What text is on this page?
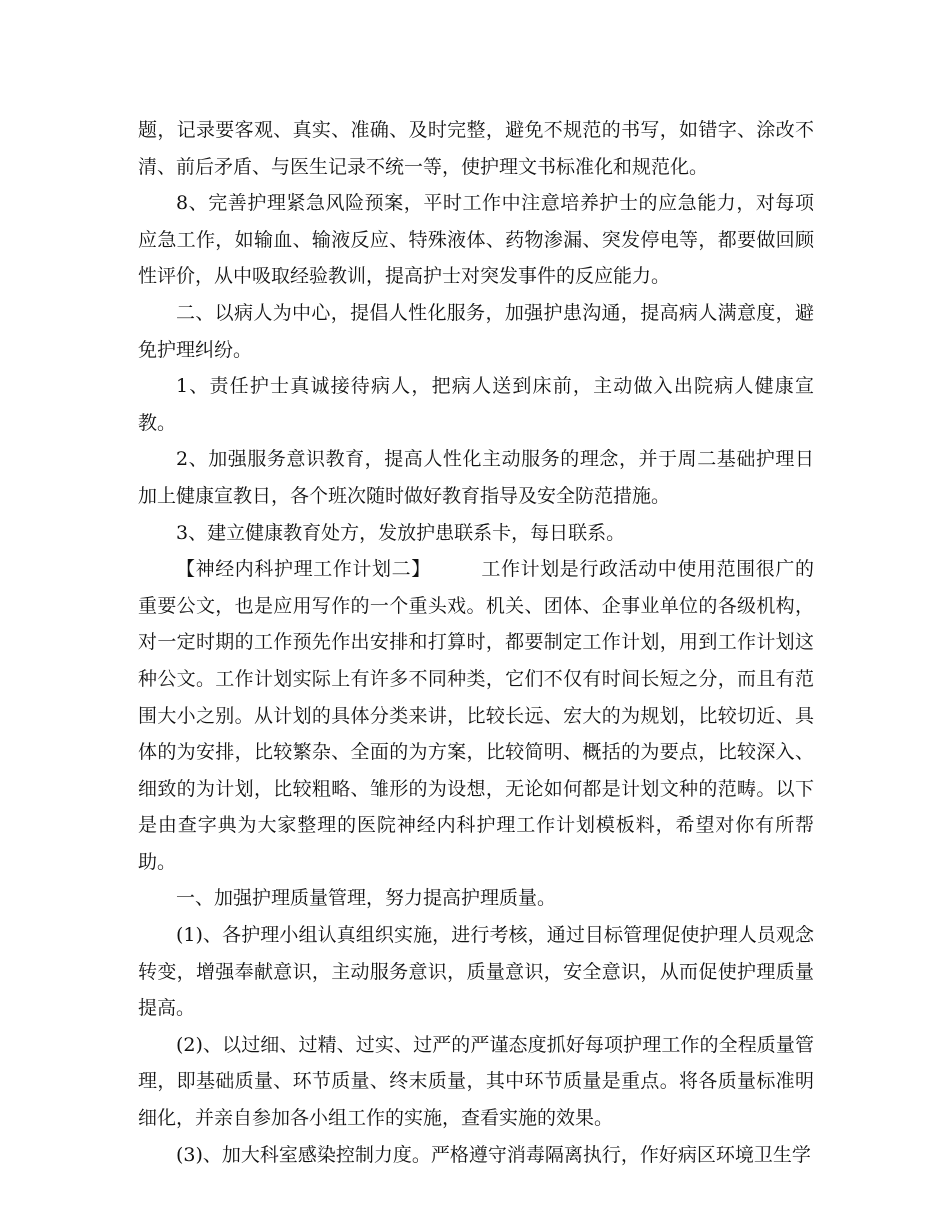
题，记录要客观、真实、准确、及时完整，避免不规范的书写，如错字、涂改不清、前后矛盾、与医生记录不统一等，使护理文书标准化和规范化。

8、完善护理紧急风险预案，平时工作中注意培养护士的应急能力，对每项应急工作，如输血、输液反应、特殊液体、药物渗漏、突发停电等，都要做回顾性评价，从中吸取经验教训，提高护士对突发事件的反应能力。

二、以病人为中心，提倡人性化服务，加强护患沟通，提高病人满意度，避免护理纠纷。

1、责任护士真诚接待病人，把病人送到床前，主动做入出院病人健康宣教。

2、加强服务意识教育，提高人性化主动服务的理念，并于周二基础护理日加上健康宣教日，各个班次随时做好教育指导及安全防范措施。

3、建立健康教育处方，发放护患联系卡，每日联系。

【神经内科护理工作计划二】	工作计划是行政活动中使用范围很广的重要公文，也是应用写作的一个重头戏。机关、团体、企事业单位的各级机构，对一定时期的工作预先作出安排和打算时，都要制定工作计划，用到工作计划这种公文。工作计划实际上有许多不同种类，它们不仅有时间长短之分，而且有范围大小之别。从计划的具体分类来讲，比较长远、宏大的为规划，比较切近、具体的为安排，比较繁杂、全面的为方案，比较简明、概括的为要点，比较深入、细致的为计划，比较粗略、雏形的为设想，无论如何都是计划文种的范畴。以下是由查字典为大家整理的医院神经内科护理工作计划模板料，希望对你有所帮助。

一、加强护理质量管理，努力提高护理质量。

(1)、各护理小组认真组织实施，进行考核，通过目标管理促使护理人员观念转变，增强奉献意识，主动服务意识，质量意识，安全意识，从而促使护理质量提高。

(2)、以过细、过精、过实、过严的严谨态度抓好每项护理工作的全程质量管理，即基础质量、环节质量、终末质量，其中环节质量是重点。将各质量标准明细化，并亲自参加各小组工作的实施，查看实施的效果。

(3)、加大科室感染控制力度。严格遵守消毒隔离执行，作好病区环境卫生学
